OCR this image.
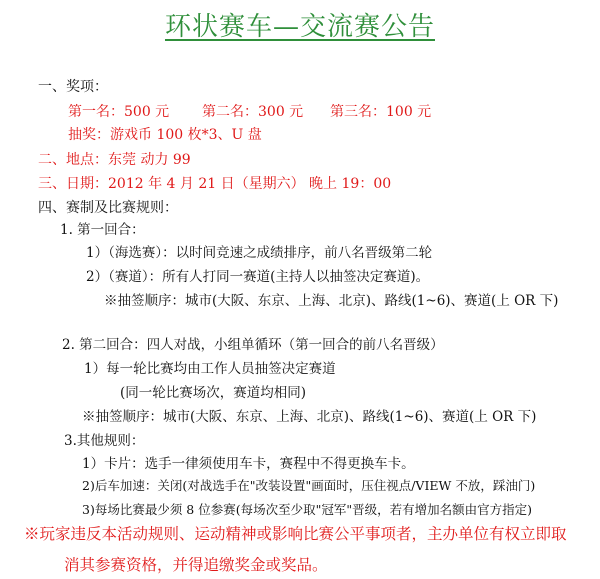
环状赛车—交流赛公告
一、奖项：
第一名：500 元 第二名：300 元 第三名：100 元
抽奖：游戏币 100 枚*3、U 盘
二、地点：东莞 动力 99
三、日期：2012 年 4 月 21 日（星期六） 晚上 19：00
四、赛制及比赛规则：
1. 第一回合：
1）（海选赛）：以时间竞速之成绩排序，前八名晋级第二轮
2）（赛道）：所有人打同一赛道(主持人以抽签决定赛道)。
※抽签顺序：城市(大阪、东京、上海、北京)、路线(1~6)、赛道(上 OR 下)
2. 第二回合：四人对战，小组单循环（第一回合的前八名晋级）
1）每一轮比赛均由工作人员抽签决定赛道
(同一轮比赛场次，赛道均相同)
※抽签顺序：城市(大阪、东京、上海、北京)、路线(1~6)、赛道(上 OR 下)
3.其他规则：
1）卡片：选手一律须使用车卡，赛程中不得更换车卡。
2)后车加速：关闭(对战选手在"改装设置"画面时，压住视点/VIEW 不放，踩油门)
3)每场比赛最少须 8 位参赛(每场次至少取"冠军"晋级，若有增加名额由官方指定)
※玩家违反本活动规则、运动精神或影响比赛公平事项者，主办单位有权立即取
消其参赛资格，并得追缴奖金或奖品。
